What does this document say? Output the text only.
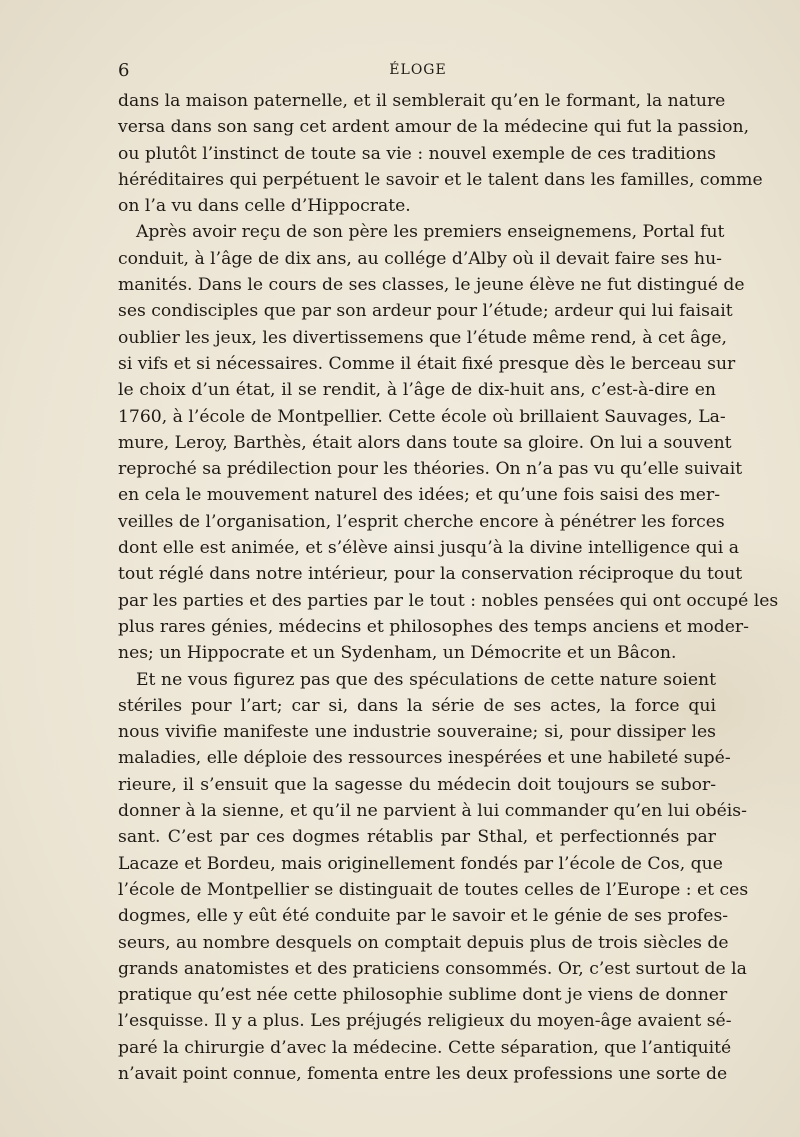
6	ÉLOGE
dans la maison paternelle, et il semblerait qu’en le formant, la nature
versa dans son sang cet ardent amour de la médecine qui fut la passion,
ou plutôt l’instinct de toute sa vie : nouvel exemple de ces traditions
héréditaires qui perpétuent le savoir et le talent dans les familles, comme
on l’a vu dans celle d’Hippocrate.
Après avoir reçu de son père les premiers enseignemens, Portal fut
conduit, à l’âge de dix ans, au collége d’Alby où il devait faire ses hu-
manités. Dans le cours de ses classes, le jeune élève ne fut distingué de
ses condisciples que par son ardeur pour l’étude; ardeur qui lui faisait
oublier les jeux, les divertissemens que l’étude même rend, à cet âge,
si vifs et si nécessaires. Comme il était fixé presque dès le berceau sur
le choix d’un état, il se rendit, à l’âge de dix-huit ans, c’est-à-dire en
1760, à l’école de Montpellier. Cette école où brillaient Sauvages, La-
mure, Leroy, Barthès, était alors dans toute sa gloire. On lui a souvent
reproché sa prédilection pour les théories. On n’a pas vu qu’elle suivait
en cela le mouvement naturel des idées; et qu’une fois saisi des mer-
veilles de l’organisation, l’esprit cherche encore à pénétrer les forces
dont elle est animée, et s’élève ainsi jusqu’à la divine intelligence qui a
tout réglé dans notre intérieur, pour la conservation réciproque du tout
par les parties et des parties par le tout : nobles pensées qui ont occupé les
plus rares génies, médecins et philosophes des temps anciens et moder-
nes; un Hippocrate et un Sydenham, un Démocrite et un Bâcon.
Et ne vous figurez pas que des spéculations de cette nature soient
stériles pour l’art; car si, dans la série de ses actes, la force qui
nous vivifie manifeste une industrie souveraine; si, pour dissiper les
maladies, elle déploie des ressources inespérées et une habileté supé-
rieure, il s’ensuit que la sagesse du médecin doit toujours se subor-
donner à la sienne, et qu’il ne parvient à lui commander qu’en lui obéis-
sant. C’est par ces dogmes rétablis par Sthal, et perfectionnés par
Lacaze et Bordeu, mais originellement fondés par l’école de Cos, que
l’école de Montpellier se distinguait de toutes celles de l’Europe : et ces
dogmes, elle y eût été conduite par le savoir et le génie de ses profes-
seurs, au nombre desquels on comptait depuis plus de trois siècles de
grands anatomistes et des praticiens consommés. Or, c’est surtout de la
pratique qu’est née cette philosophie sublime dont je viens de donner
l’esquisse. Il y a plus. Les préjugés religieux du moyen-âge avaient sé-
paré la chirurgie d’avec la médecine. Cette séparation, que l’antiquité
n’avait point connue, fomenta entre les deux professions une sorte de
